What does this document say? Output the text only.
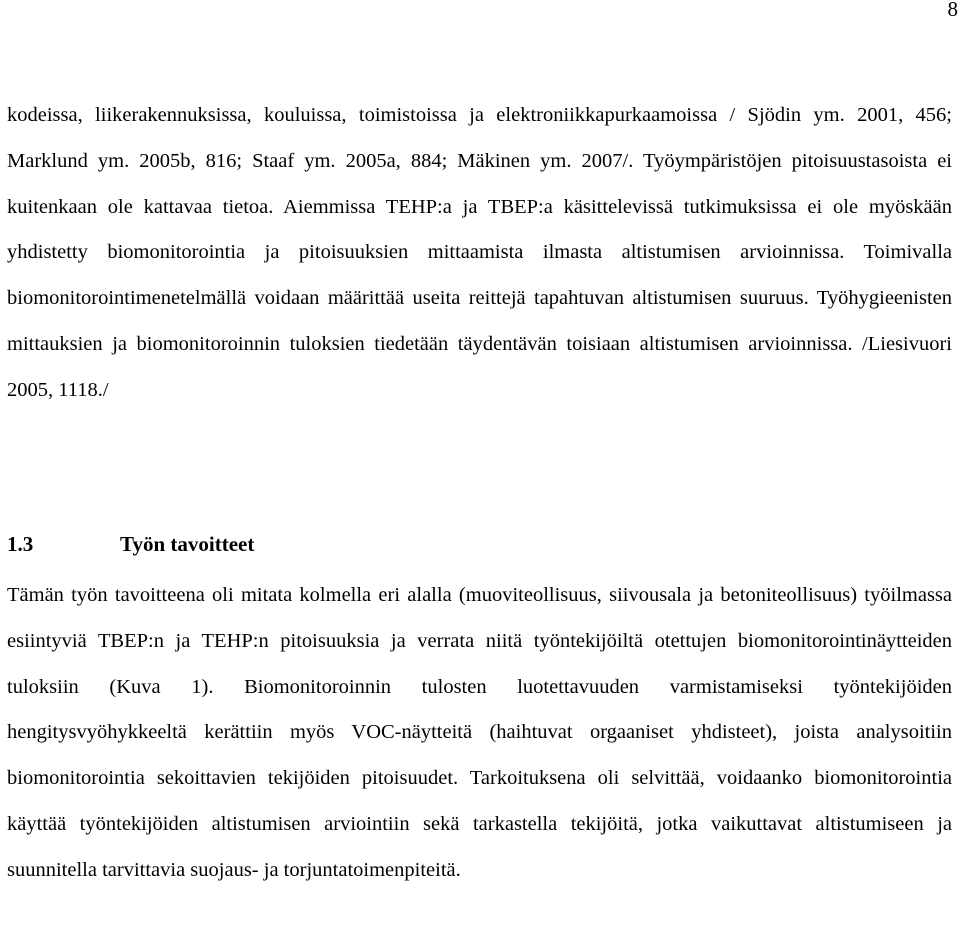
8

kodeissa, liikerakennuksissa, kouluissa, toimistoissa ja elektroniikkapurkaamoissa / Sjödin ym. 2001, 456; Marklund ym. 2005b, 816; Staaf ym. 2005a, 884; Mäkinen ym. 2007/. Työympäristöjen pitoisuustasoista ei kuitenkaan ole kattavaa tietoa. Aiemmissa TEHP:a ja TBEP:a käsittelevissä tutkimuksissa ei ole myöskään yhdistetty biomonitorointia ja pitoisuuksien mittaamista ilmasta altistumisen arvioinnissa. Toimivalla biomonitorointimenetelmällä voidaan määrittää useita reittejä tapahtuvan altistumisen suuruus. Työhygieenisten mittauksien ja biomonitoroinnin tuloksien tiedetään täydentävän toisiaan altistumisen arvioinnissa. /Liesivuori 2005, 1118./

1.3	Työn tavoitteet

Tämän työn tavoitteena oli mitata kolmella eri alalla (muoviteollisuus, siivousala ja betoniteollisuus) työilmassa esiintyviä TBEP:n ja TEHP:n pitoisuuksia ja verrata niitä työntekijöiltä otettujen biomonitorointinäytteiden tuloksiin (Kuva 1). Biomonitoroinnin tulosten luotettavuuden varmistamiseksi työntekijöiden hengitysvyöhykkeeltä kerättiin myös VOC-näytteitä (haihtuvat orgaaniset yhdisteet), joista analysoitiin biomonitorointia sekoittavien tekijöiden pitoisuudet. Tarkoituksena oli selvittää, voidaanko biomonitorointia käyttää työntekijöiden altistumisen arviointiin sekä tarkastella tekijöitä, jotka vaikuttavat altistumiseen ja suunnitella tarvittavia suojaus- ja torjuntatoimenpiteitä.
